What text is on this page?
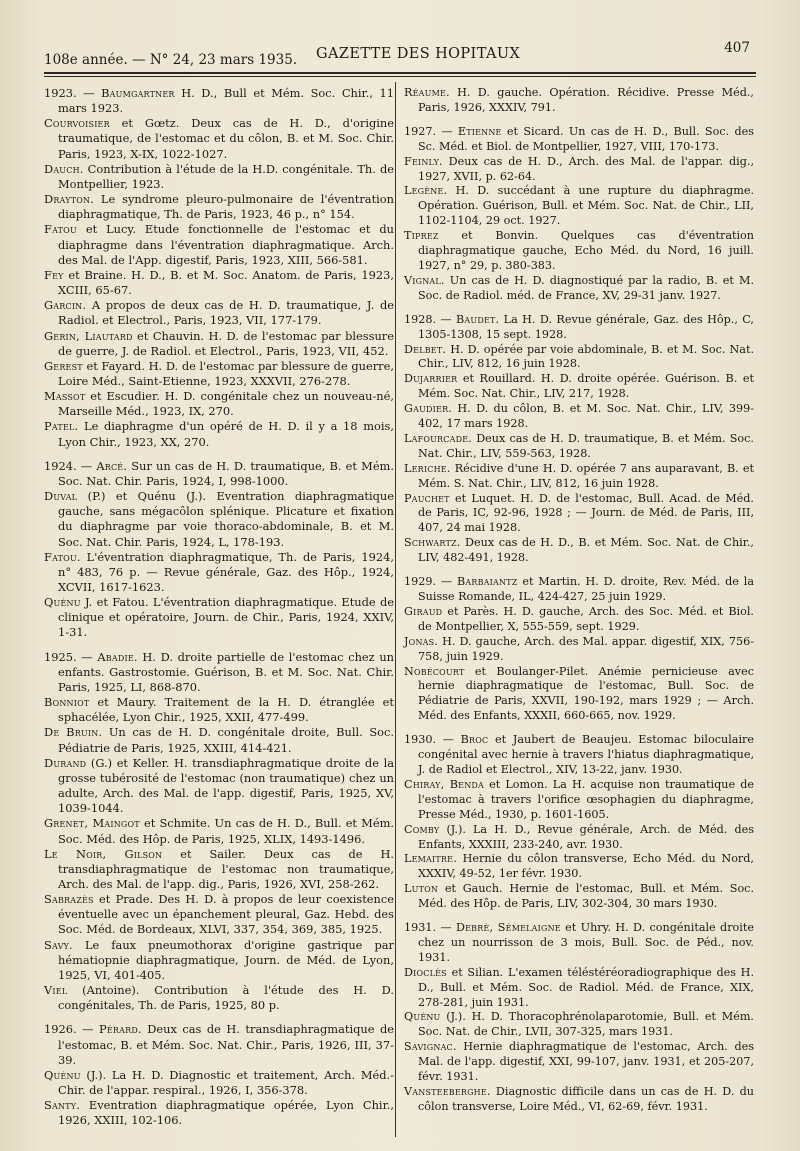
108e année. — N° 24, 23 mars 1935. GAZETTE DES HOPITAUX	407

1923. — Baumgartner H. D., Bull et Mém. Soc. Chir., 11 mars 1923.

Courvoisier et Gœtz. Deux cas de H. D., d'origine traumatique, de l'estomac et du côlon, B. et M. Soc. Chir. Paris, 1923, X-IX, 1022-1027.

Dauch. Contribution à l'étude de la H.D. congénitale. Th. de Montpellier, 1923.

Drayton. Le syndrome pleuro-pulmonaire de l'éventration diaphragmatique, Th. de Paris, 1923, 46 p., n° 154.

Fatou et Lucy. Etude fonctionnelle de l'estomac et du diaphragme dans l'éventration diaphragmatique. Arch. des Mal. de l'App. digestif, Paris, 1923, XIII, 566-581.

Fey et Braine. H. D., B. et M. Soc. Anatom. de Paris, 1923, XCIII, 65-67.

Garcin. A propos de deux cas de H. D. traumatique, J. de Radiol. et Electrol., Paris, 1923, VII, 177-179.

Gerin, Liautard et Chauvin. H. D. de l'estomac par blessure de guerre, J. de Radiol. et Electrol., Paris, 1923, VII, 452.

Gerest et Fayard. H. D. de l'estomac par blessure de guerre, Loire Méd., Saint-Etienne, 1923, XXXVII, 276-278.

Massot et Escudier. H. D. congénitale chez un nouveau-né, Marseille Méd., 1923, IX, 270.

Patel. Le diaphragme d'un opéré de H. D. il y a 18 mois, Lyon Chir., 1923, XX, 270.

1924. — Arcé. Sur un cas de H. D. traumatique, B. et Mém. Soc. Nat. Chir. Paris, 1924, I, 998-1000.

Duval (P.) et Quénu (J.). Eventration diaphragmatique gauche, sans mégacôlon splénique. Plicature et fixation du diaphragme par voie thoraco-abdominale, B. et M. Soc. Nat. Chir. Paris, 1924, L, 178-193.

Fatou. L'éventration diaphragmatique, Th. de Paris, 1924, n° 483, 76 p. — Revue générale, Gaz. des Hôp., 1924, XCVII, 1617-1623.

Quénu J. et Fatou. L'éventration diaphragmatique. Etude de clinique et opératoire, Journ. de Chir., Paris, 1924, XXIV, 1-31.

1925. — Abadie. H. D. droite partielle de l'estomac chez un enfants. Gastrostomie. Guérison, B. et M. Soc. Nat. Chir. Paris, 1925, LI, 868-870.

Bonniot et Maury. Traitement de la H. D. étranglée et sphacélée, Lyon Chir., 1925, XXII, 477-499.

De Bruin. Un cas de H. D. congénitale droite, Bull. Soc. Pédiatrie de Paris, 1925, XXIII, 414-421.

Durand (G.) et Keller. H. transdiaphragmatique droite de la grosse tubérosité de l'estomac (non traumatique) chez un adulte, Arch. des Mal. de l'app. digestif, Paris, 1925, XV, 1039-1044.

Grenet, Maingot et Schmite. Un cas de H. D., Bull. et Mém. Soc. Méd. des Hôp. de Paris, 1925, XLIX, 1493-1496.

Le Noir, Gilson et Sailer. Deux cas de H. transdiaphragmatique de l'estomac non traumatique, Arch. des Mal. de l'app. dig., Paris, 1926, XVI, 258-262.

Sabrazès et Prade. Des H. D. à propos de leur coexistence éventuelle avec un épanchement pleural, Gaz. Hebd. des Soc. Méd. de Bordeaux, XLVI, 337, 354, 369, 385, 1925.

Savy. Le faux pneumothorax d'origine gastrique par hématiopnie diaphragmatique, Journ. de Méd. de Lyon, 1925, VI, 401-405.

Viel (Antoine). Contribution à l'étude des H. D. congénitales, Th. de Paris, 1925, 80 p.

1926. — Pérard. Deux cas de H. transdiaphragmatique de l'estomac, B. et Mém. Soc. Nat. Chir., Paris, 1926, III, 37-39.

Quénu (J.). La H. D. Diagnostic et traitement, Arch. Méd.-Chir. de l'appar. respiral., 1926, I, 356-378.

Santy. Eventration diaphragmatique opérée, Lyon Chir., 1926, XXIII, 102-106.

Réaume. H. D. gauche. Opération. Récidive. Presse Méd., Paris, 1926, XXXIV, 791.

1927. — Etienne et Sicard. Un cas de H. D., Bull. Soc. des Sc. Méd. et Biol. de Montpellier, 1927, VIII, 170-173.

Feinly. Deux cas de H. D., Arch. des Mal. de l'appar. dig., 1927, XVII, p. 62-64.

Legène. H. D. succédant à une rupture du diaphragme. Opération. Guérison, Bull. et Mém. Soc. Nat. de Chir., LII, 1102-1104, 29 oct. 1927.

Tiprez et Bonvin. Quelques cas d'éventration diaphragmatique gauche, Echo Méd. du Nord, 16 juill. 1927, n° 29, p. 380-383.

Vignal. Un cas de H. D. diagnostiqué par la radio, B. et M. Soc. de Radiol. méd. de France, XV, 29-31 janv. 1927.

1928. — Baudet. La H. D. Revue générale, Gaz. des Hôp., C, 1305-1308, 15 sept. 1928.

Delbet. H. D. opérée par voie abdominale, B. et M. Soc. Nat. Chir., LIV, 812, 16 juin 1928.

Dujarrier et Rouillard. H. D. droite opérée. Guérison. B. et Mém. Soc. Nat. Chir., LIV, 217, 1928.

Gaudier. H. D. du côlon, B. et M. Soc. Nat. Chir., LIV, 399-402, 17 mars 1928.

Lafourcade. Deux cas de H. D. traumatique, B. et Mém. Soc. Nat. Chir., LIV, 559-563, 1928.

Leriche. Récidive d'une H. D. opérée 7 ans auparavant, B. et Mém. S. Nat. Chir., LIV, 812, 16 juin 1928.

Pauchet et Luquet. H. D. de l'estomac, Bull. Acad. de Méd. de Paris, IC, 92-96, 1928 ; — Journ. de Méd. de Paris, III, 407, 24 mai 1928.

Schwartz. Deux cas de H. D., B. et Mém. Soc. Nat. de Chir., LIV, 482-491, 1928.

1929. — Barbaiantz et Martin. H. D. droite, Rev. Méd. de la Suisse Romande, IL, 424-427, 25 juin 1929.

Giraud et Parès. H. D. gauche, Arch. des Soc. Méd. et Biol. de Montpellier, X, 555-559, sept. 1929.

Jonas. H. D. gauche, Arch. des Mal. appar. digestif, XIX, 756-758, juin 1929.

Nobécourt et Boulanger-Pilet. Anémie pernicieuse avec hernie diaphragmatique de l'estomac, Bull. Soc. de Pédiatrie de Paris, XXVII, 190-192, mars 1929 ; — Arch. Méd. des Enfants, XXXII, 660-665, nov. 1929.

1930. — Broc et Jaubert de Beaujeu. Estomac biloculaire congénital avec hernie à travers l'hiatus diaphragmatique, J. de Radiol et Electrol., XIV, 13-22, janv. 1930.

Chiray, Benda et Lomon. La H. acquise non traumatique de l'estomac à travers l'orifice œsophagien du diaphragme, Presse Méd., 1930, p. 1601-1605.

Comby (J.). La H. D., Revue générale, Arch. de Méd. des Enfants, XXXIII, 233-240, avr. 1930.

Lemaitre. Hernie du côlon transverse, Echo Méd. du Nord, XXXIV, 49-52, 1er févr. 1930.

Luton et Gauch. Hernie de l'estomac, Bull. et Mém. Soc. Méd. des Hôp. de Paris, LIV, 302-304, 30 mars 1930.

1931. — Debré, Sémelaigne et Uhry. H. D. congénitale droite chez un nourrisson de 3 mois, Bull. Soc. de Péd., nov. 1931.

Dioclès et Silian. L'examen téléstéréoradiographique des H. D., Bull. et Mém. Soc. de Radiol. Méd. de France, XIX, 278-281, juin 1931.

Quénu (J.). H. D. Thoracophrénolaparotomie, Bull. et Mém. Soc. Nat. de Chir., LVII, 307-325, mars 1931.

Savignac. Hernie diaphragmatique de l'estomac, Arch. des Mal. de l'app. digestif, XXI, 99-107, janv. 1931, et 205-207, févr. 1931.

Vansteeberghe. Diagnostic difficile dans un cas de H. D. du côlon transverse, Loire Méd., VI, 62-69, févr. 1931.
